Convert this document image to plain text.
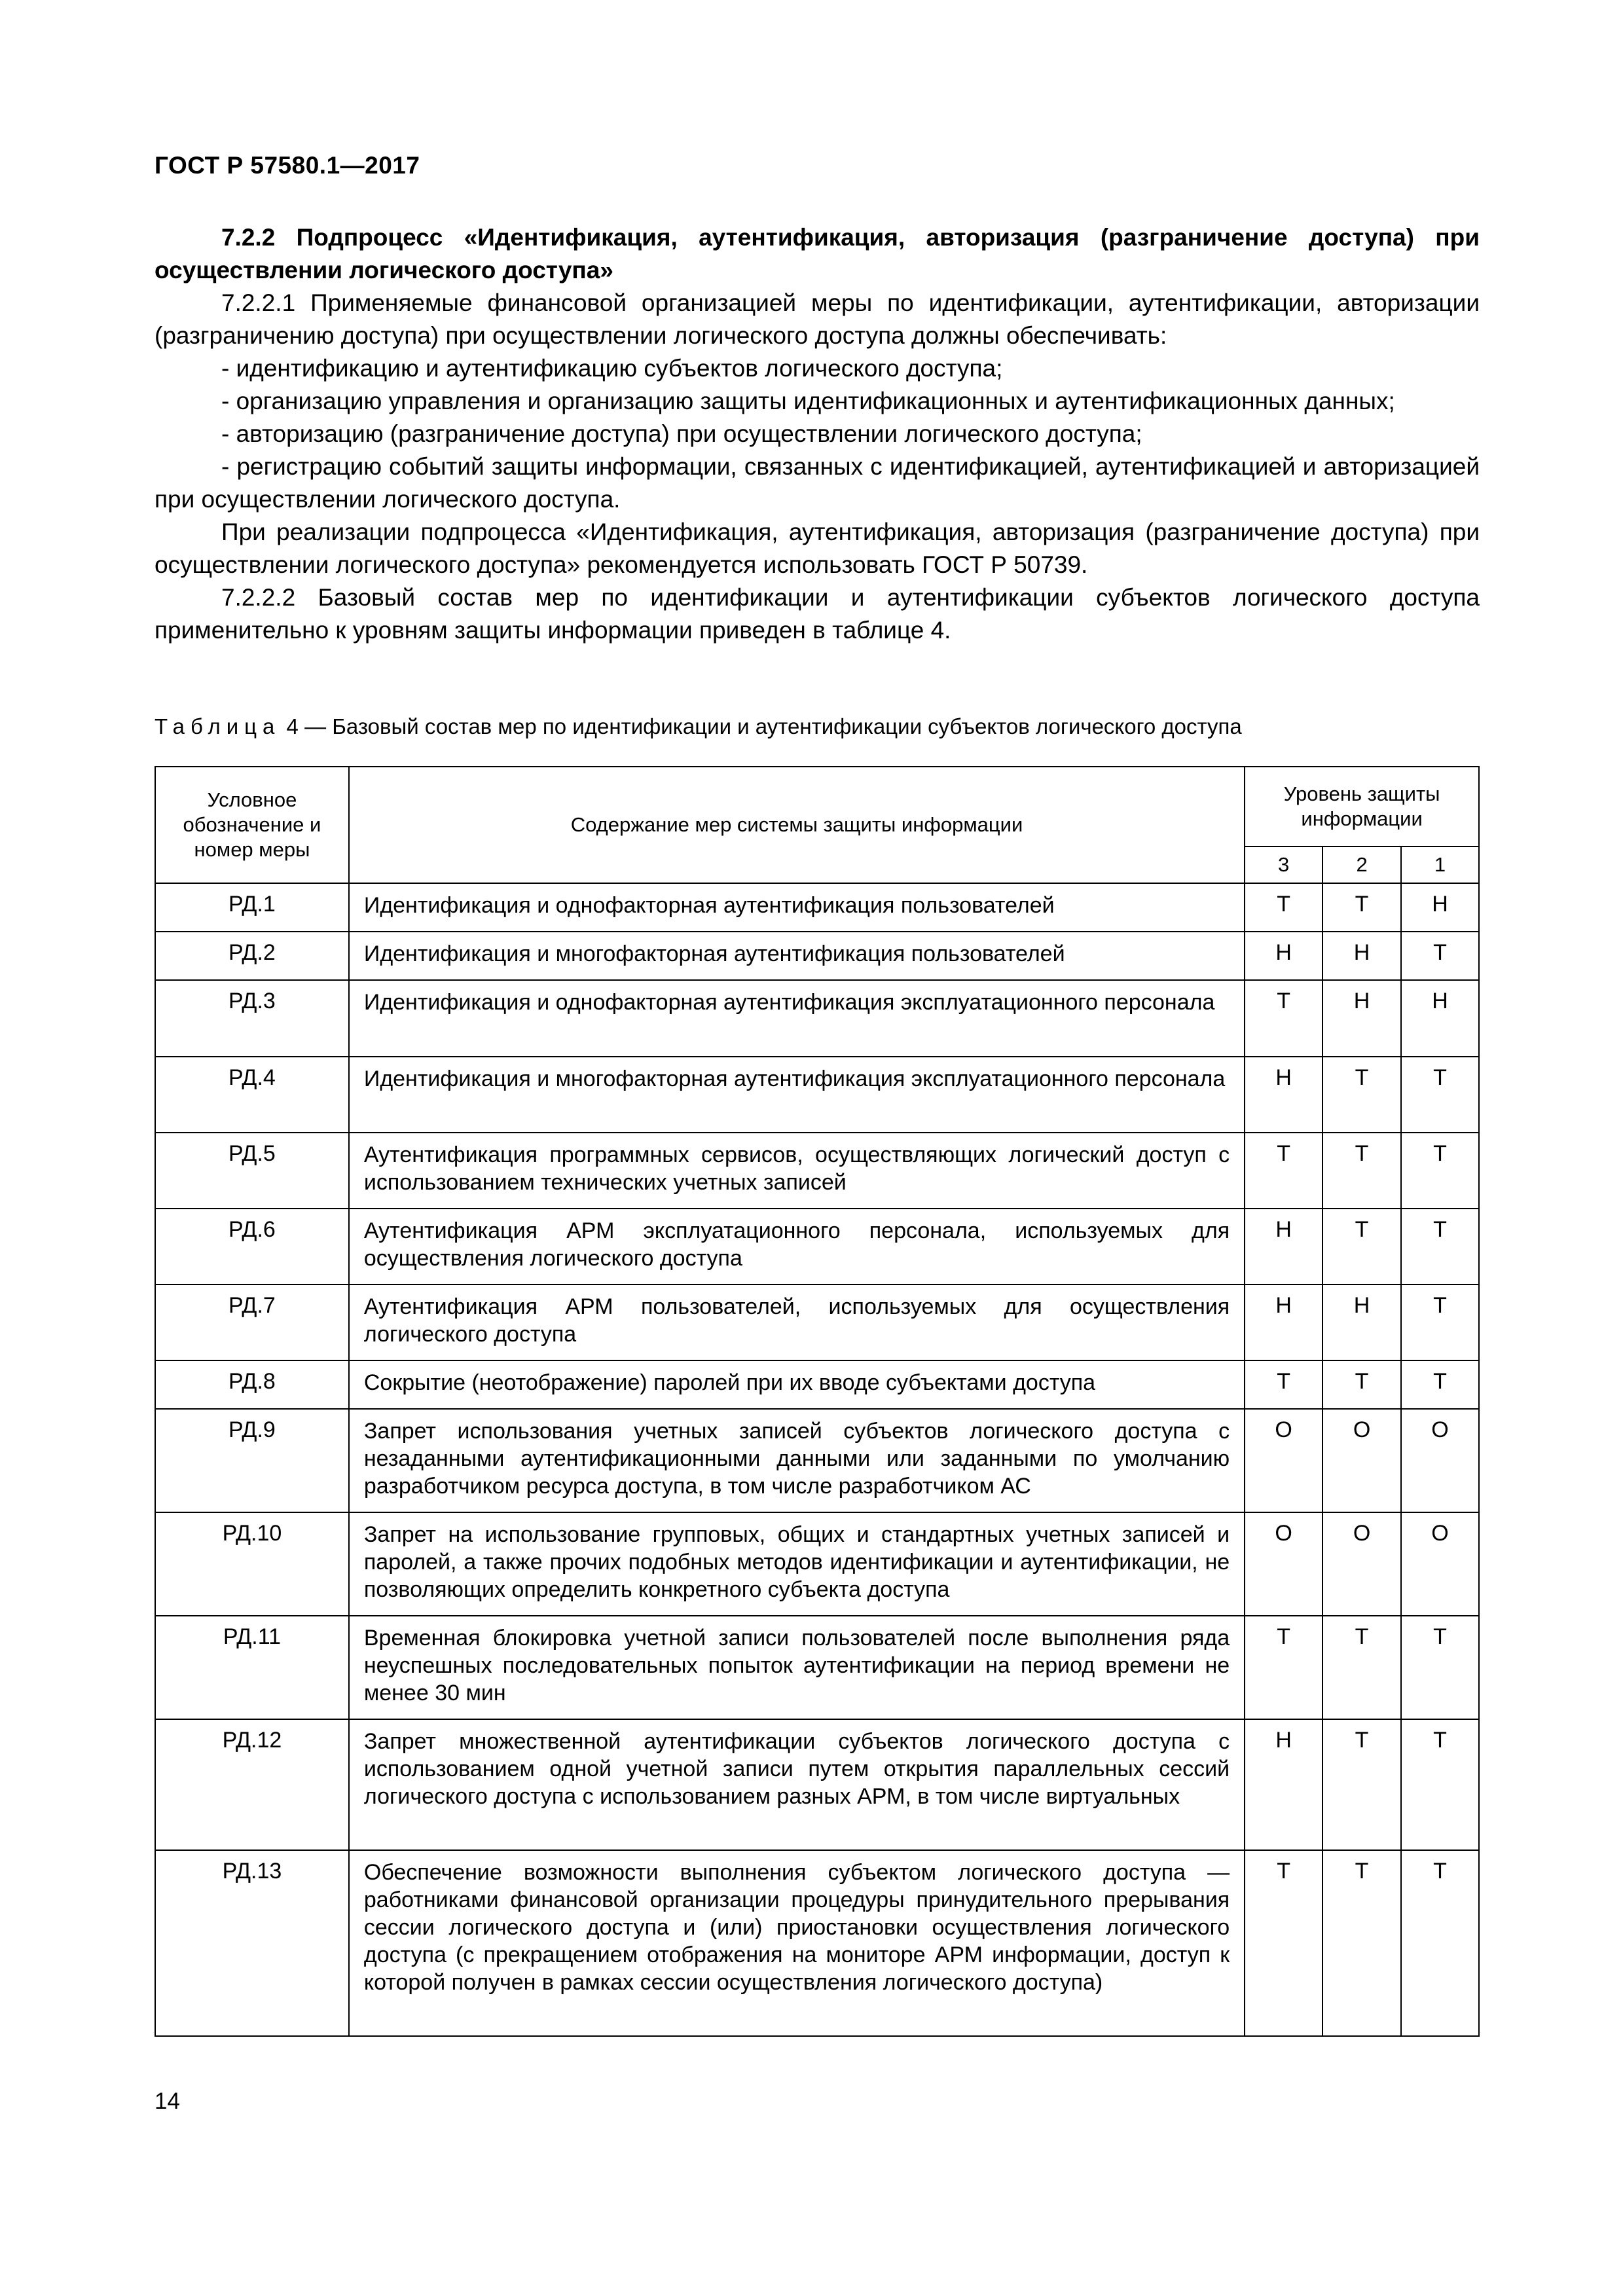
ГОСТ Р 57580.1—2017

7.2.2 Подпроцесс «Идентификация, аутентификация, авторизация (разграничение доступа) при осуществлении логического доступа»

7.2.2.1 Применяемые финансовой организацией меры по идентификации, аутентификации, авторизации (разграничению доступа) при осуществлении логического доступа должны обеспечивать:

- идентификацию и аутентификацию субъектов логического доступа;

- организацию управления и организацию защиты идентификационных и аутентификационных данных;

- авторизацию (разграничение доступа) при осуществлении логического доступа;

- регистрацию событий защиты информации, связанных с идентификацией, аутентификацией и авторизацией при осуществлении логического доступа.

При реализации подпроцесса «Идентификация, аутентификация, авторизация (разграничение доступа) при осуществлении логического доступа» рекомендуется использовать ГОСТ Р 50739.

7.2.2.2 Базовый состав мер по идентификации и аутентификации субъектов логического доступа применительно к уровням защиты информации приведен в таблице 4.

Таблица 4 — Базовый состав мер по идентификации и аутентификации субъектов логического доступа
Условное обозначение и номер меры	Содержание мер системы защиты информации	Уровень защиты информации		
		3	2	1
РД.1	Идентификация и однофакторная аутентификация пользователей	Т	Т	Н
РД.2	Идентификация и многофакторная аутентификация пользователей	Н	Н	Т
РД.3	Идентификация и однофакторная аутентификация эксплуатационного персонала	Т	Н	Н
РД.4	Идентификация и многофакторная аутентификация эксплуатационного персонала	Н	Т	Т
РД.5	Аутентификация программных сервисов, осуществляющих логический доступ с использованием технических учетных записей	Т	Т	Т
РД.6	Аутентификация АРМ эксплуатационного персонала, используемых для осуществления логического доступа	Н	Т	Т
РД.7	Аутентификация АРМ пользователей, используемых для осуществления логического доступа	Н	Н	Т
РД.8	Сокрытие (неотображение) паролей при их вводе субъектами доступа	Т	Т	Т
РД.9	Запрет использования учетных записей субъектов логического доступа с незаданными аутентификационными данными или заданными по умолчанию разработчиком ресурса доступа, в том числе разработчиком АС	О	О	О
РД.10	Запрет на использование групповых, общих и стандартных учетных записей и паролей, а также прочих подобных методов идентификации и аутентификации, не позволяющих определить конкретного субъекта доступа	О	О	О
РД.11	Временная блокировка учетной записи пользователей после выполнения ряда неуспешных последовательных попыток аутентификации на период времени не менее 30 мин	Т	Т	Т
РД.12	Запрет множественной аутентификации субъектов логического доступа с использованием одной учетной записи путем открытия параллельных сессий логического доступа с использованием разных АРМ, в том числе виртуальных	Н	Т	Т
РД.13	Обеспечение возможности выполнения субъектом логического доступа — работниками финансовой организации процедуры принудительного прерывания сессии логического доступа и (или) приостановки осуществления логического доступа (с прекращением отображения на мониторе АРМ информации, доступ к которой получен в рамках сессии осуществления логического доступа)	Т	Т	Т
14
